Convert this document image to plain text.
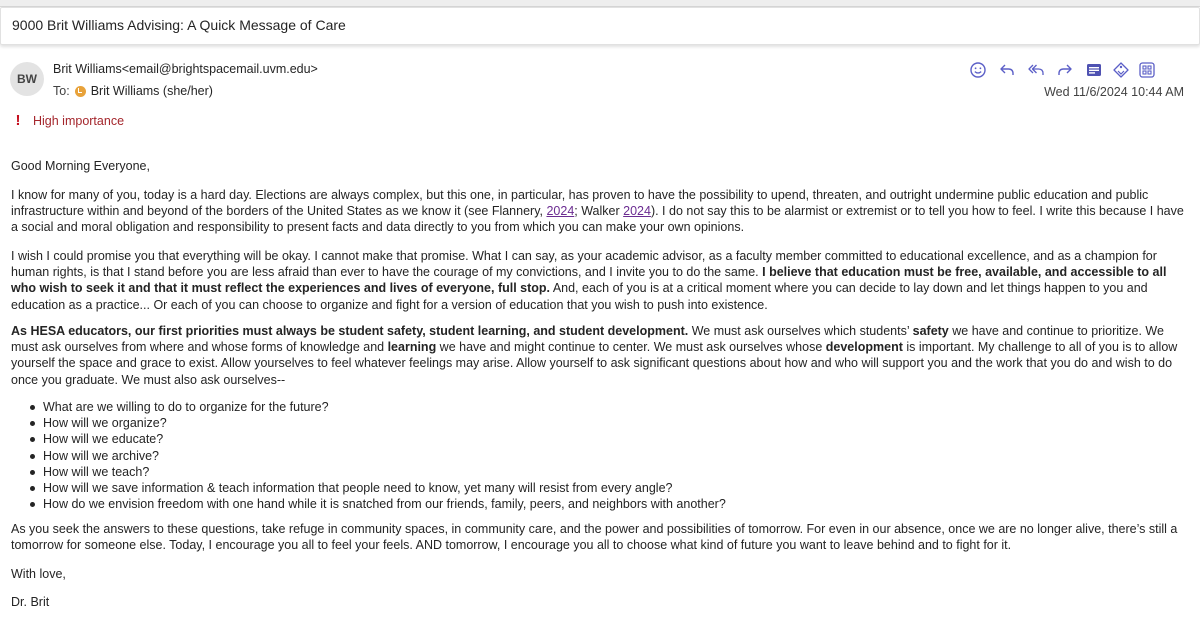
9000 Brit Williams Advising: A Quick Message of Care
BW
Brit Williams<email@brightspacemail.uvm.edu>
To: Brit Williams (she/her)	Wed 11/6/2024 10:44 AM
! High importance

Good Morning Everyone,

I know for many of you, today is a hard day. Elections are always complex, but this one, in particular, has proven to have the possibility to upend, threaten, and outright undermine public education and public infrastructure within and beyond of the borders of the United States as we know it (see Flannery, 2024; Walker 2024). I do not say this to be alarmist or extremist or to tell you how to feel. I write this because I have a social and moral obligation and responsibility to present facts and data directly to you from which you can make your own opinions.

I wish I could promise you that everything will be okay. I cannot make that promise. What I can say, as your academic advisor, as a faculty member committed to educational excellence, and as a champion for human rights, is that I stand before you are less afraid than ever to have the courage of my convictions, and I invite you to do the same. I believe that education must be free, available, and accessible to all who wish to seek it and that it must reflect the experiences and lives of everyone, full stop. And, each of you is at a critical moment where you can decide to lay down and let things happen to you and education as a practice... Or each of you can choose to organize and fight for a version of education that you wish to push into existence.

As HESA educators, our first priorities must always be student safety, student learning, and student development. We must ask ourselves which students’ safety we have and continue to prioritize. We must ask ourselves from where and whose forms of knowledge and learning we have and might continue to center. We must ask ourselves whose development is important. My challenge to all of you is to allow yourself the space and grace to exist. Allow yourselves to feel whatever feelings may arise. Allow yourself to ask significant questions about how and who will support you and the work that you do and wish to do once you graduate. We must also ask ourselves--

What are we willing to do to organize for the future?
How will we organize?
How will we educate?
How will we archive?
How will we teach?
How will we save information & teach information that people need to know, yet many will resist from every angle?
How do we envision freedom with one hand while it is snatched from our friends, family, peers, and neighbors with another?

As you seek the answers to these questions, take refuge in community spaces, in community care, and the power and possibilities of tomorrow. For even in our absence, once we are no longer alive, there’s still a tomorrow for someone else. Today, I encourage you all to feel your feels. AND tomorrow, I encourage you all to choose what kind of future you want to leave behind and to fight for it.

With love,

Dr. Brit
